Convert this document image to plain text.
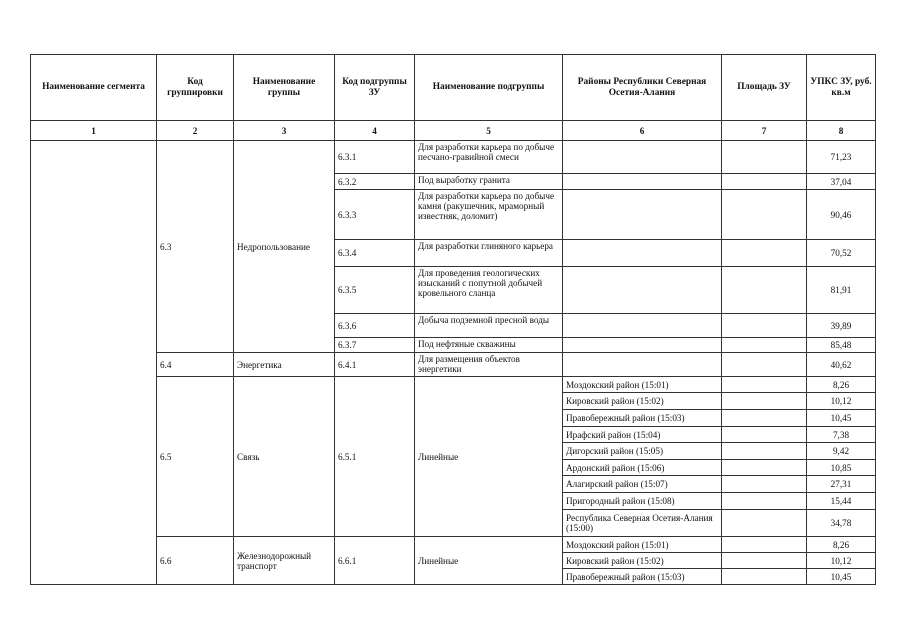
Наименование сегмента	Код группировки	Наименование группы	Код подгруппы ЗУ	Наименование подгруппы	Районы Республики Северная Осетия-Алания	Площадь ЗУ	УПКС ЗУ, руб. кв.м
1	2	3	4	5	6	7	8
	6.3	Недропользование	6.3.1	Для разработки карьера по добыче песчано-гравийной смеси			71,23
			6.3.2	Под выработку гранита			37,04
			6.3.3	Для разработки карьера по добыче камня (ракушечник, мраморный известняк, доломит)			90,46
			6.3.4	Для разработки глиняного карьера			70,52
			6.3.5	Для проведения геологических изысканий с попутной добычей кровельного сланца			81,91
			6.3.6	Добыча подземной пресной воды			39,89
			6.3.7	Под нефтяные скважины			85,48
	6.4	Энергетика	6.4.1	Для размещения объектов энергетики			40,62
	6.5	Связь	6.5.1	Линейные	Моздокский район (15:01)		8,26
					Кировский район (15:02)		10,12
					Правобережный район (15:03)		10,45
					Ирафский район (15:04)		7,38
					Дигорский район (15:05)		9,42
					Ардонский район (15:06)		10,85
					Алагирский район (15:07)		27,31
					Пригородный район (15:08)		15,44
					Республика Северная Осетия-Алания (15:00)		34,78
	6.6	Железнодорожный транспорт	6.6.1	Линейные	Моздокский район (15:01)		8,26
					Кировский район (15:02)		10,12
					Правобережный район (15:03)		10,45
